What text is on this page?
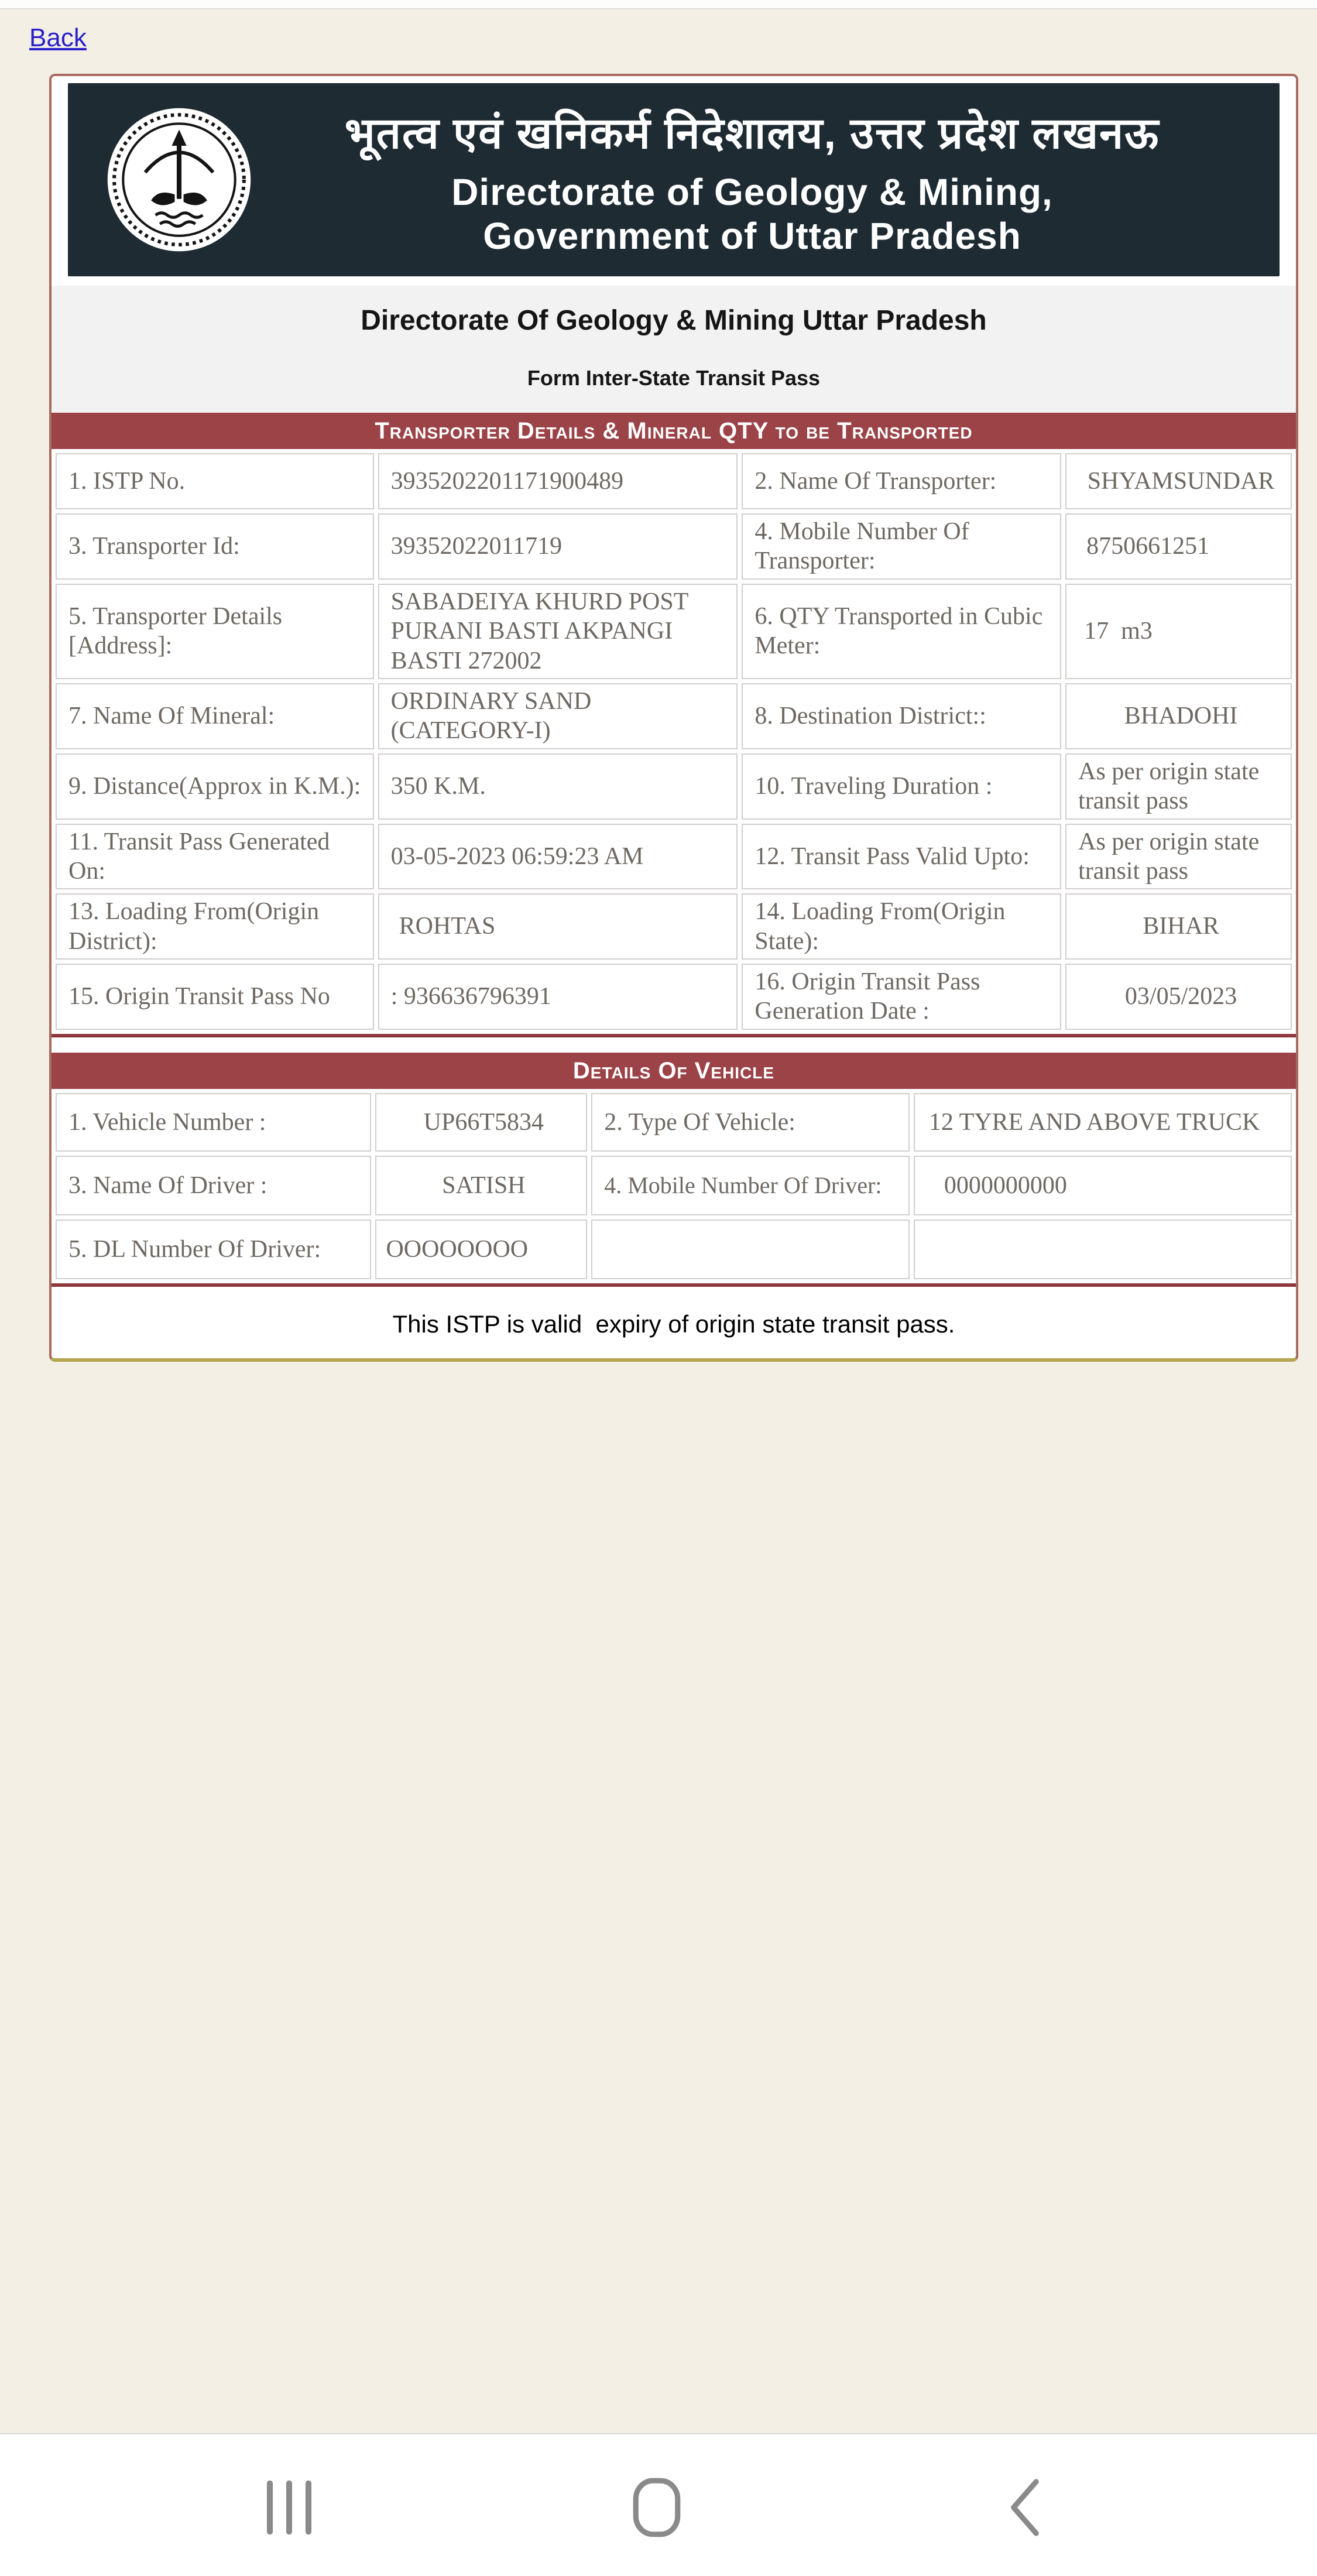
Back
भूतत्व एवं खनिकर्म निदेशालय, उत्तर प्रदेश लखनऊ
Directorate of Geology & Mining,
Government of Uttar Pradesh
Directorate Of Geology & Mining Uttar Pradesh
Form Inter-State Transit Pass
Transporter Details & Mineral QTY to be Transported
1. ISTP No.	3935202201171900489	2. Name Of Transporter:	SHYAMSUNDAR
3. Transporter Id:	39352022011719	4. Mobile Number Of Transporter:	8750661251
5. Transporter Details [Address]:	SABADEIYA KHURD POST PURANI BASTI AKPANGI BASTI 272002	6. QTY Transported in Cubic Meter:	17  m3
7. Name Of Mineral:	ORDINARY SAND (CATEGORY-I)	8. Destination District::	BHADOHI
9. Distance(Approx in K.M.):	350 K.M.	10. Traveling Duration :	As per origin state transit pass
11. Transit Pass Generated On:	03-05-2023 06:59:23 AM	12. Transit Pass Valid Upto:	As per origin state transit pass
13. Loading From(Origin District):	ROHTAS	14. Loading From(Origin State):	BIHAR
15. Origin Transit Pass No	: 936636796391	16. Origin Transit Pass Generation Date :	03/05/2023
Details Of Vehicle
1. Vehicle Number :	UP66T5834	2. Type Of Vehicle:	12 TYRE AND ABOVE TRUCK
3. Name Of Driver :	SATISH	4. Mobile Number Of Driver:	0000000000
5. DL Number Of Driver:	OOOOOOOO		
This ISTP is valid  expiry of origin state transit pass.
